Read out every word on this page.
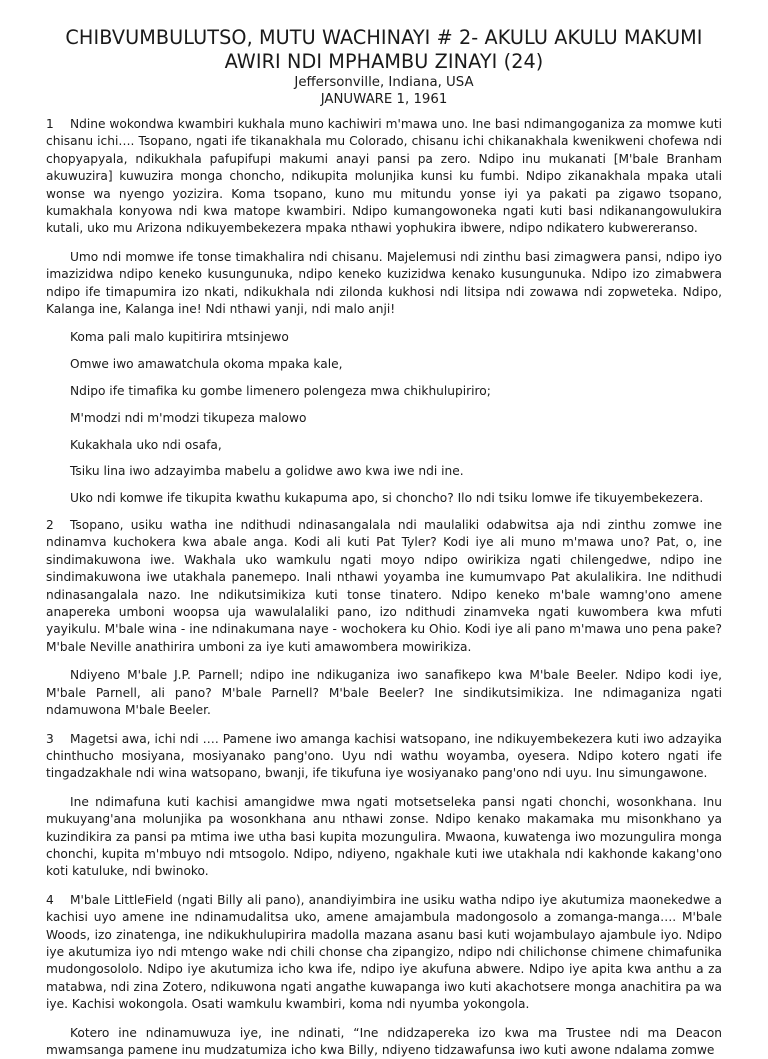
CHIBVUMBULUTSO, MUTU WACHINAYI # 2- AKULU AKULU MAKUMI AWIRI NDI MPHAMBU ZINAYI (24)
Jeffersonville, Indiana, USA
JANUWARE 1, 1961

1 Ndine wokondwa kwambiri kukhala muno kachiwiri m'mawa uno. Ine basi ndimangoganiza za momwe kuti chisanu ichi…. Tsopano, ngati ife tikanakhala mu Colorado, chisanu ichi chikanakhala kwenikweni chofewa ndi chopyapyala, ndikukhala pafupifupi makumi anayi pansi pa zero. Ndipo inu mukanati [M'bale Branham akuwuzira] kuwuzira monga choncho, ndikupita molunjika kunsi ku fumbi. Ndipo zikanakhala mpaka utali wonse wa nyengo yozizira. Koma tsopano, kuno mu mitundu yonse iyi ya pakati pa zigawo tsopano, kumakhala konyowa ndi kwa matope kwambiri. Ndipo kumangowoneka ngati kuti basi ndikanangowulukira kutali, uko mu Arizona ndikuyembekezera mpaka nthawi yophukira ibwere, ndipo ndikatero kubwereranso.

Umo ndi momwe ife tonse timakhalira ndi chisanu. Majelemusi ndi zinthu basi zimagwera pansi, ndipo iyo imazizidwa ndipo keneko kusungunuka, ndipo keneko kuzizidwa kenako kusungunuka. Ndipo izo zimabwera ndipo ife timapumira izo nkati, ndikukhala ndi zilonda kukhosi ndi litsipa ndi zowawa ndi zopweteka. Ndipo, Kalanga ine, Kalanga ine! Ndi nthawi yanji, ndi malo anji!

Koma pali malo kupitirira mtsinjewo

Omwe iwo amawatchula okoma mpaka kale,

Ndipo ife timafika ku gombe limenero polengeza mwa chikhulupiriro;

M'modzi ndi m'modzi tikupeza malowo

Kukakhala uko ndi osafa,

Tsiku lina iwo adzayimba mabelu a golidwe awo kwa iwe ndi ine.

Uko ndi komwe ife tikupita kwathu kukapuma apo, si choncho? Ilo ndi tsiku lomwe ife tikuyembekezera.

2 Tsopano, usiku watha ine ndithudi ndinasangalala ndi maulaliki odabwitsa aja ndi zinthu zomwe ine ndinamva kuchokera kwa abale anga. Kodi ali kuti Pat Tyler? Kodi iye ali muno m'mawa uno? Pat, o, ine sindimakuwona iwe. Wakhala uko wamkulu ngati moyo ndipo owirikiza ngati chilengedwe, ndipo ine sindimakuwona iwe utakhala panemepo. Inali nthawi yoyamba ine kumumvapo Pat akulalikira. Ine ndithudi ndinasangalala nazo. Ine ndikutsimikiza kuti tonse tinatero. Ndipo keneko m'bale wamng'ono amene anapereka umboni woopsa uja wawulalaliki pano, izo ndithudi zinamveka ngati kuwombera kwa mfuti yayikulu. M'bale wina - ine ndinakumana naye - wochokera ku Ohio. Kodi iye ali pano m'mawa uno pena pake? M'bale Neville anathirira umboni za iye kuti amawombera mowirikiza.

Ndiyeno M'bale J.P. Parnell; ndipo ine ndikuganiza iwo sanafikepo kwa M'bale Beeler. Ndipo kodi iye, M'bale Parnell, ali pano? M'bale Parnell? M'bale Beeler? Ine sindikutsimikiza. Ine ndimaganiza ngati ndamuwona M'bale Beeler.

3 Magetsi awa, ichi ndi …. Pamene iwo amanga kachisi watsopano, ine ndikuyembekezera kuti iwo adzayika chinthucho mosiyana, mosiyanako pang'ono. Uyu ndi wathu woyamba, oyesera. Ndipo kotero ngati ife tingadzakhale ndi wina watsopano, bwanji, ife tikufuna iye wosiyanako pang'ono ndi uyu. Inu simungawone.

Ine ndimafuna kuti kachisi amangidwe mwa ngati motsetseleka pansi ngati chonchi, wosonkhana. Inu mukuyang'ana molunjika pa wosonkhana anu nthawi zonse. Ndipo kenako makamaka mu misonkhano ya kuzindikira za pansi pa mtima iwe utha basi kupita mozungulira. Mwaona, kuwatenga iwo mozungulira monga chonchi, kupita m'mbuyo ndi mtsogolo. Ndipo, ndiyeno, ngakhale kuti iwe utakhala ndi kakhonde kakang'ono koti katuluke, ndi bwinoko.

4 M'bale LittleField (ngati Billy ali pano), anandiyimbira ine usiku watha ndipo iye akutumiza maonekedwe a kachisi uyo amene ine ndinamudalitsa uko, amene amajambula madongosolo a zomanga-manga…. M'bale Woods, izo zinatenga, ine ndikukhulupirira madolla mazana asanu basi kuti wojambulayo ajambule iyo. Ndipo iye akutumiza iyo ndi mtengo wake ndi chili chonse cha zipangizo, ndipo ndi chilichonse chimene chimafunika mudongosololo. Ndipo iye akutumiza icho kwa ife, ndipo iye akufuna abwere. Ndipo iye apita kwa anthu a za matabwa, ndi zina Zotero, ndikuwona ngati angathe kuwapanga iwo kuti akachotsere monga anachitira pa wa iye. Kachisi wokongola. Osati wamkulu kwambiri, koma ndi nyumba yokongola.

Kotero ine ndinamuwuza iye, ine ndinati, “Ine ndidzapereka izo kwa ma Trustee ndi ma Deacon mwamsanga pamene inu mudzatumiza icho kwa Billy, ndiyeno tidzawafunsa iwo kuti awone ndalama zomwe
